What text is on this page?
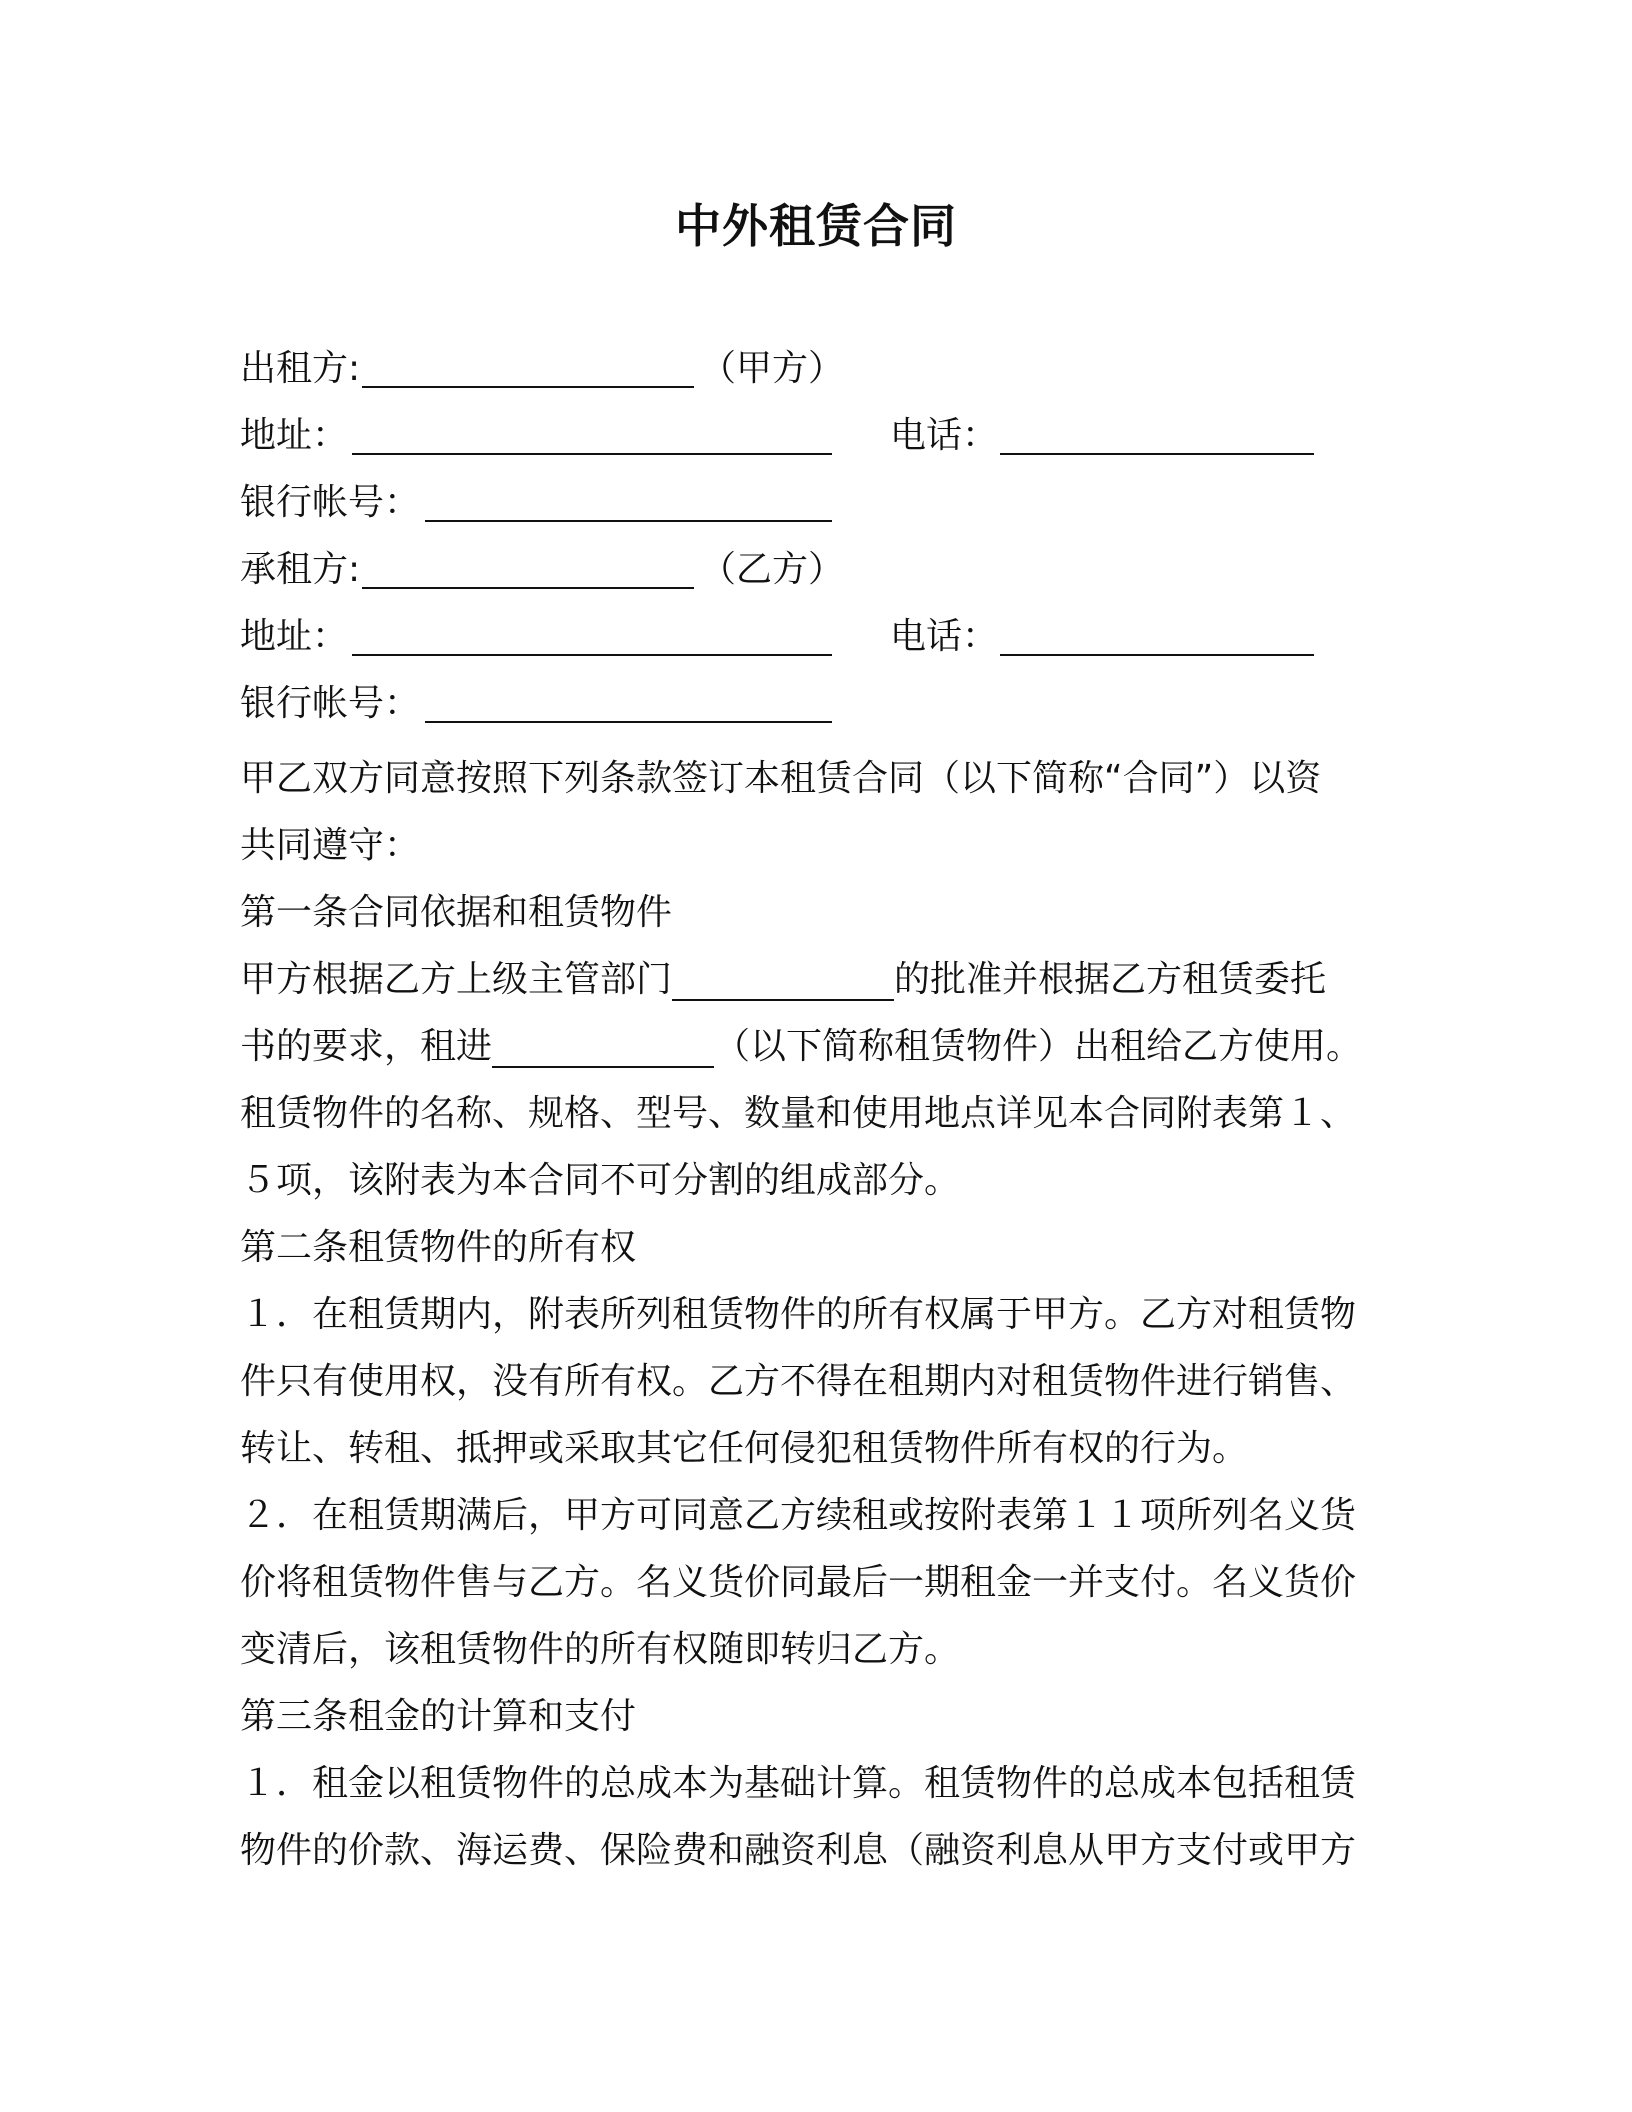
中外租赁合同
出租方:	（甲方）
地址：	电话：
银行帐号：
承租方:	（乙方）
地址：	电话：
银行帐号：
甲乙双方同意按照下列条款签订本租赁合同（以下简称“合同”）以资
共同遵守：
第一条合同依据和租赁物件
甲方根据乙方上级主管部门	的批准并根据乙方租赁委托
书的要求，租进	（以下简称租赁物件）出租给乙方使用。
租赁物件的名称、规格、型号、数量和使用地点详见本合同附表第１、
５项，该附表为本合同不可分割的组成部分。
第二条租赁物件的所有权
１．在租赁期内，附表所列租赁物件的所有权属于甲方。乙方对租赁物
件只有使用权，没有所有权。乙方不得在租期内对租赁物件进行销售、
转让、转租、抵押或采取其它任何侵犯租赁物件所有权的行为。
２．在租赁期满后，甲方可同意乙方续租或按附表第１１项所列名义货
价将租赁物件售与乙方。名义货价同最后一期租金一并支付。名义货价
变清后，该租赁物件的所有权随即转归乙方。
第三条租金的计算和支付
１．租金以租赁物件的总成本为基础计算。租赁物件的总成本包括租赁
物件的价款、海运费、保险费和融资利息（融资利息从甲方支付或甲方
